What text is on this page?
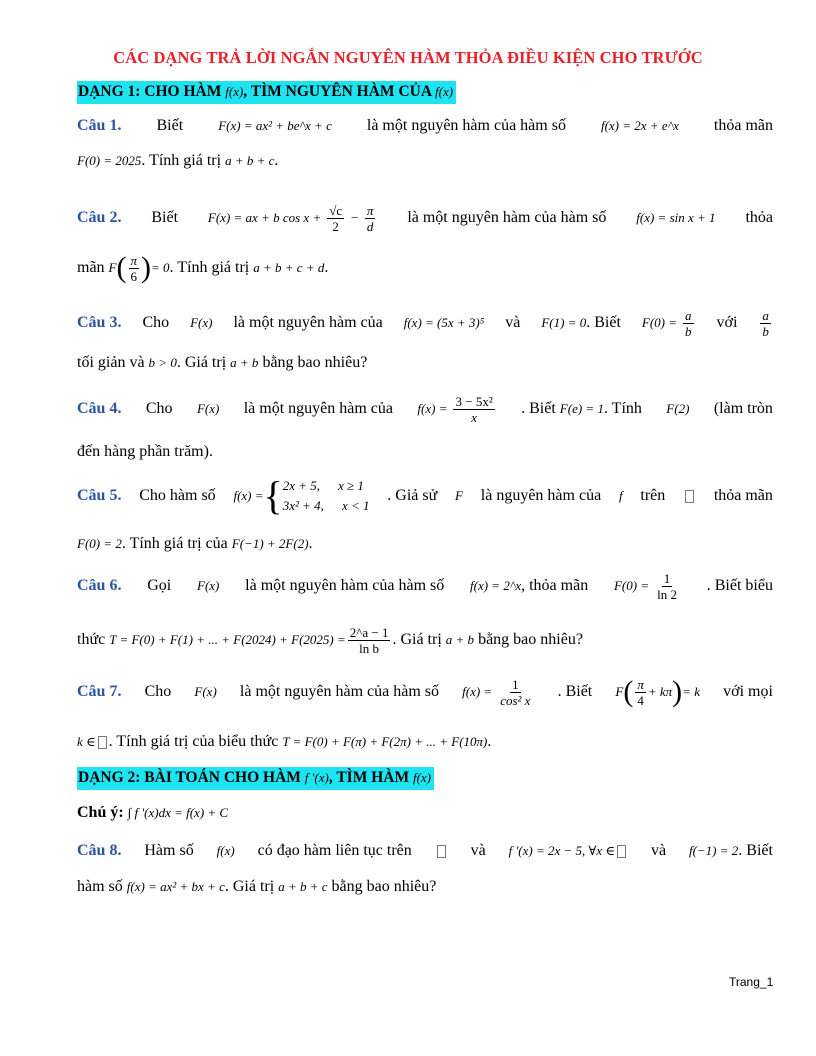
CÁC DẠNG TRẢ LỜI NGẮN NGUYÊN HÀM THỎA ĐIỀU KIỆN CHO TRƯỚC
DẠNG 1: CHO HÀM f(x), TÌM NGUYÊN HÀM CỦA f(x)
Câu 1. Biết	F(x) = ax² + be^x + c là một nguyên hàm của hàm số	f(x) = 2x + e^x thỏa mãn
F(0) = 2025. Tính giá trị a + b + c.
Câu 2. Biết F(x) = ax + b $\cos x + \frac{√c}{2} - \frac{\pi}{d}$ là một nguyên hàm của hàm số f(x) = sin x + 1 thỏa
mãn
F ( $\frac{\pi}{6}$ ) = 0 . Tính giá trị
a + b + c + d .
Câu 3. Cho F(x) là một nguyên hàm của f(x) = (5x + 3)⁵ và F(1) = 0. Biết $F(0) = \frac{a}{b}$ với $\frac{a}{b}$
tối giản và b > 0. Giá trị a + b bằng bao nhiêu?
Câu 4. Cho F(x) là một nguyên hàm của $f(x) = \frac{\text{3 − 5x²}}{x}$ . Biết F(e) = 1. Tính F(2) (làm tròn
đến hàng phần trăm).
Câu 5. Cho hàm số f(x) = { 2x + 5, x ≥ 1
3x² + 4, x < 1
. Giả sử F là nguyên hàm của f trên	thỏa mãn
F(0) = 2. Tính giá trị của F(−1) + 2F(2).
Câu 6. Gọi F(x) là một nguyên hàm của hàm số f(x) = 2^x, thỏa mãn $F(0) = \frac{1}{\ln 2}$ . Biết biểu
thức
T = F(0) + F(1) + ... + $F(2024) + F(2025) = \frac{2\^{}a - 1}{\text{ln b}}$ . Giá trị
a + b
bằng bao nhiêu?
Câu 7. Cho F(x) là một nguyên hàm của hàm số $f(x) = \frac{1}{\text{cos² x}}$ . Biết F ( $\frac{\pi}{4} + k\pi$ ) = k với mọi
k ∈ . Tính giá trị của biểu thức T = F(0) + F(π) + F(2π) + ... + F(10π).
DẠNG 2: BÀI TOÁN CHO HÀM f '(x), TÌM HÀM f(x)
Chú ý: ∫ f '(x)dx = f(x) + C
Câu 8. Hàm số f(x) có đạo hàm liên tục trên	và f '(x) = 2x − 5, ∀x ∈	và f(−1) = 2. Biết
hàm số f(x) = ax² + bx + c. Giá trị a + b + c bằng bao nhiêu?
Trang_1
